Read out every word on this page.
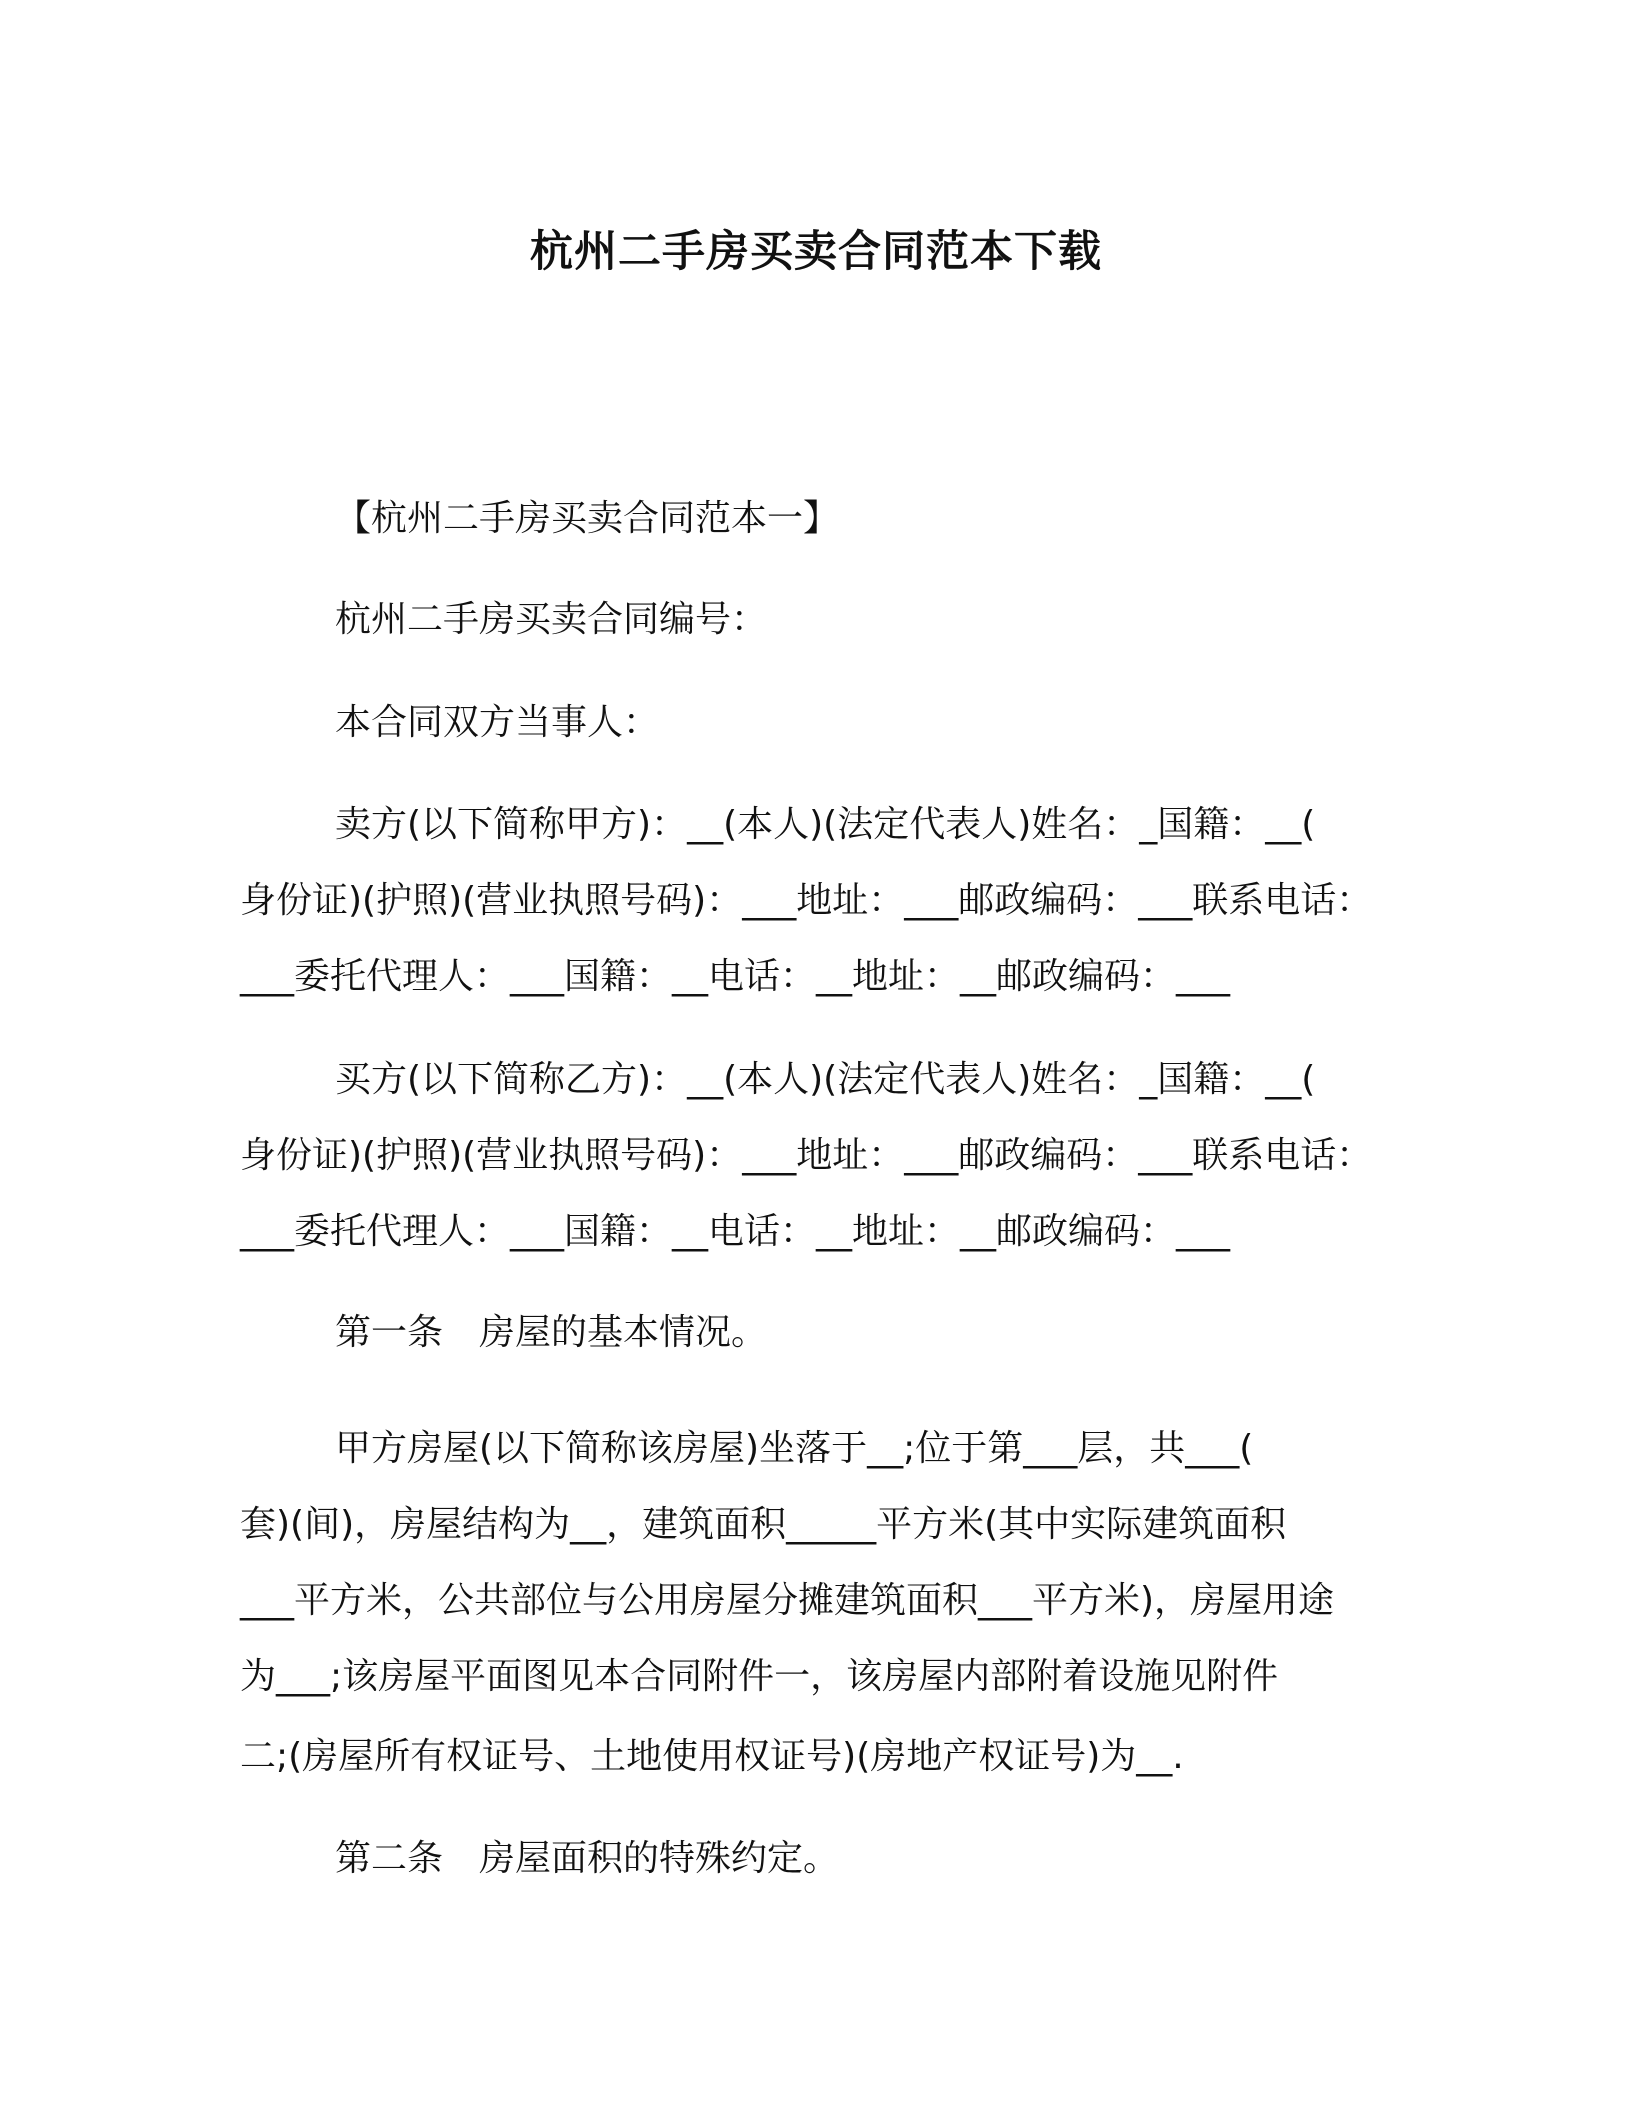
杭州二手房买卖合同范本下载
【杭州二手房买卖合同范本一】
杭州二手房买卖合同编号：
本合同双方当事人：
卖方(以下简称甲方)：__(本人)(法定代表人)姓名：_国籍：__(
身份证)(护照)(营业执照号码)：___地址：___邮政编码：___联系电话：
___委托代理人：___国籍：__电话：__地址：__邮政编码：___
买方(以下简称乙方)：__(本人)(法定代表人)姓名：_国籍：__(
身份证)(护照)(营业执照号码)：___地址：___邮政编码：___联系电话：
___委托代理人：___国籍：__电话：__地址：__邮政编码：___
第一条　房屋的基本情况。
甲方房屋(以下简称该房屋)坐落于__;位于第___层，共___(
套)(间)，房屋结构为__，建筑面积_____平方米(其中实际建筑面积
___平方米，公共部位与公用房屋分摊建筑面积___平方米)，房屋用途
为___;该房屋平面图见本合同附件一，该房屋内部附着设施见附件
二;(房屋所有权证号、土地使用权证号)(房地产权证号)为__.
第二条　房屋面积的特殊约定。
